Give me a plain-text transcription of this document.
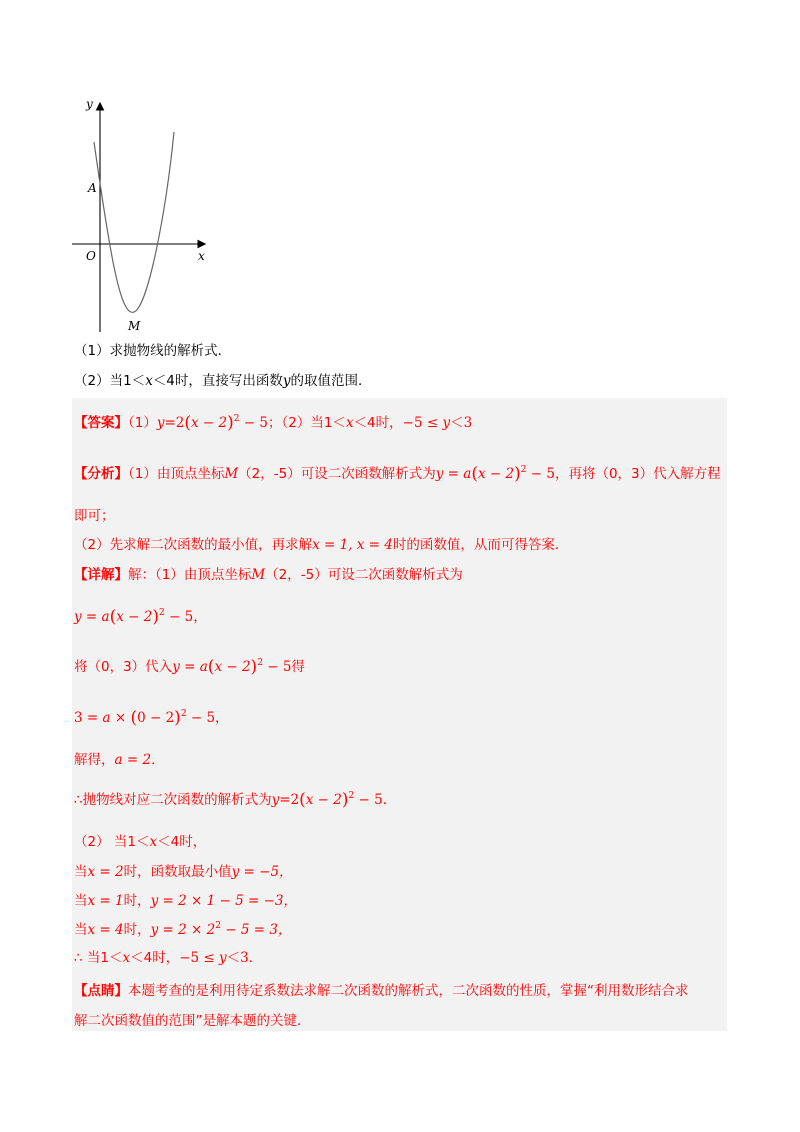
y
x
A
O
M
（1）求抛物线的解析式．
（2）当1＜x＜4时，直接写出函数y的取值范围．
【答案】$(1)y=2(x - 2)^2 - 5$；（2）当1＜x＜4时，−5 ≤ y＜3
【分析】（1）由顶点坐标M（2，-5）可设二次函数解析式为$y = a(x - 2)^2 - 5$，再将（0，3）代入解方程
即可；
（2）先求解二次函数的最小值，再求解x = 1, x = 4时的函数值，从而可得答案．
【详解】解：（1）由顶点坐标M（2，-5）可设二次函数解析式为
$y = a(x - 2)^2 - 5$，
将（0，3）代入$y = a(x - 2)^2 - 5$得
$3 = a \times (0 - 2)^2 - 5$，
解得，a = 2．
∴抛物线对应二次函数的解析式为$y=2(x - 2)^2 - 5$．
（2） 当1＜x＜4时，
当x = 2时，函数取最小值y = −5，
当x = 1时，y = 2 × 1 − 5 = −3，
当x = 4时，$y = 2 \times 2^2 - 5 = 3$，
∴ 当1＜x＜4时，−5 ≤ y＜3．
【点睛】本题考查的是利用待定系数法求解二次函数的解析式，二次函数的性质，掌握“利用数形结合求
解二次函数值的范围”是解本题的关键．
